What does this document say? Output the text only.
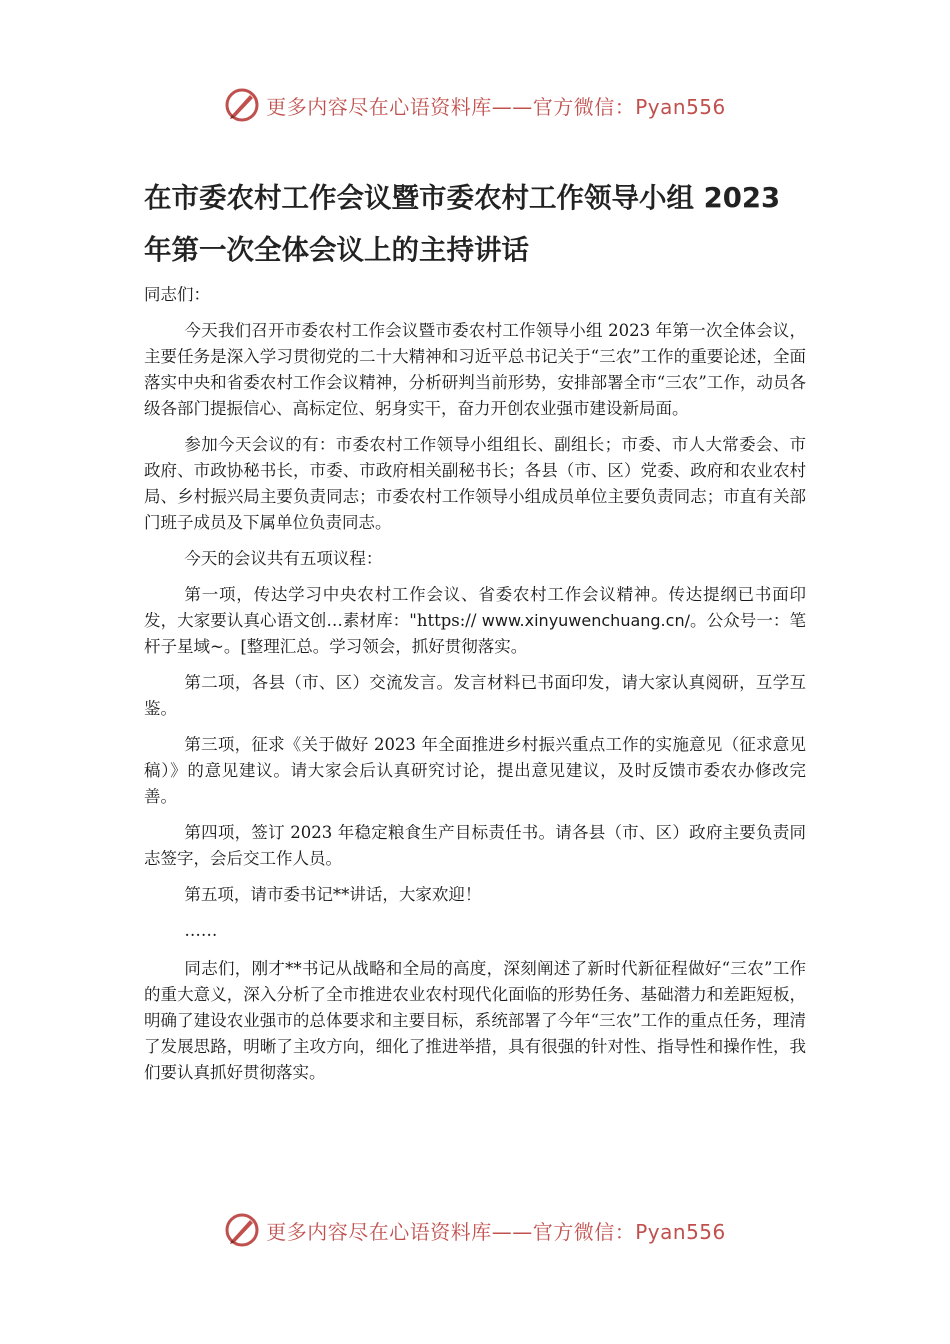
更多内容尽在心语资料库——官方微信：Pyan556
在市委农村工作会议暨市委农村工作领导小组 2023
年第一次全体会议上的主持讲话

同志们：

今天我们召开市委农村工作会议暨市委农村工作领导小组 2023 年第一次全体会议，主要任务是深入学习贯彻党的二十大精神和习近平总书记关于“三农”工作的重要论述，全面落实中央和省委农村工作会议精神，分析研判当前形势，安排部署全市“三农”工作，动员各级各部门提振信心、高标定位、躬身实干，奋力开创农业强市建设新局面。

参加今天会议的有：市委农村工作领导小组组长、副组长；市委、市人大常委会、市政府、市政协秘书长，市委、市政府相关副秘书长；各县（市、区）党委、政府和农业农村局、乡村振兴局主要负责同志；市委农村工作领导小组成员单位主要负责同志；市直有关部门班子成员及下属单位负责同志。

今天的会议共有五项议程：

第一项，传达学习中央农村工作会议、省委农村工作会议精神。传达提纲已书面印发，大家要认真心语文创…素材库："https:// www.xinyuwenchuang.cn/。公众号一：笔杆子星域~。[整理汇总。学习领会，抓好贯彻落实。

第二项，各县（市、区）交流发言。发言材料已书面印发，请大家认真阅研，互学互鉴。

第三项，征求《关于做好 2023 年全面推进乡村振兴重点工作的实施意见（征求意见稿）》的意见建议。请大家会后认真研究讨论，提出意见建议，及时反馈市委农办修改完善。

第四项，签订 2023 年稳定粮食生产目标责任书。请各县（市、区）政府主要负责同志签字，会后交工作人员。

第五项，请市委书记**讲话，大家欢迎！

……

同志们，刚才**书记从战略和全局的高度，深刻阐述了新时代新征程做好“三农”工作的重大意义，深入分析了全市推进农业农村现代化面临的形势任务、基础潜力和差距短板，明确了建设农业强市的总体要求和主要目标，系统部署了今年“三农”工作的重点任务，理清了发展思路，明晰了主攻方向，细化了推进举措，具有很强的针对性、指导性和操作性，我们要认真抓好贯彻落实。

更多内容尽在心语资料库——官方微信：Pyan556
